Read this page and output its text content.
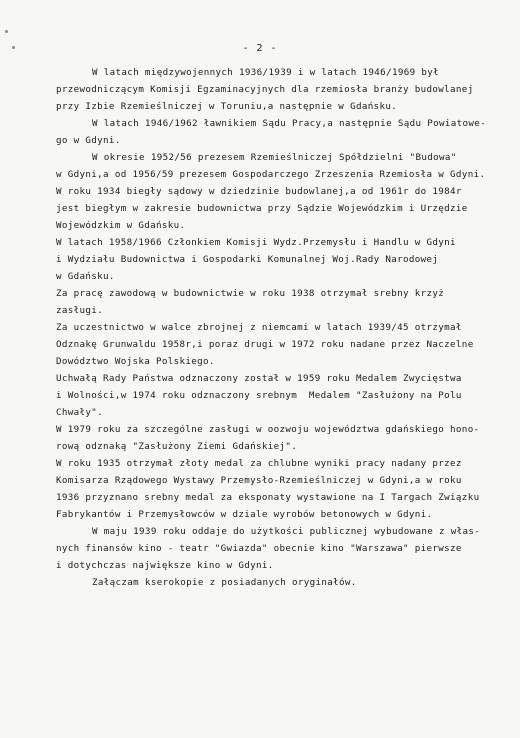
- 2 -
W latach międzywojennych 1936/1939 i w latach 1946/1969 był
przewodniczącym Komisji Egzaminacyjnych dla rzemiosła branży budowlanej
przy Izbie Rzemieślniczej w Toruniu,a następnie w Gdańsku.
W latach 1946/1962 ławnikiem Sądu Pracy,a następnie Sądu Powiatowe-
go w Gdyni.
W okresie 1952/56 prezesem Rzemieślniczej Spółdzielni "Budowa"
w Gdyni,a od 1956/59 prezesem Gospodarczego Zrzeszenia Rzemiosła w Gdyni.
W roku 1934 biegły sądowy w dziedzinie budowlanej,a od 1961r do 1984r
jest biegłym w zakresie budownictwa przy Sądzie Wojewódzkim i Urzędzie
Wojewódzkim w Gdańsku.
W latach 1958/1966 Członkiem Komisji Wydz.Przemysłu i Handlu w Gdyni
i Wydziału Budownictwa i Gospodarki Komunalnej Woj.Rady Narodowej
w Gdańsku.
Za pracę zawodową w budownictwie w roku 1938 otrzymał srebny krzyż
zasługi.
Za uczestnictwo w walce zbrojnej z niemcami w latach 1939/45 otrzymał
Odznakę Grunwaldu 1958r,i poraz drugi w 1972 roku nadane przez Naczelne
Dowództwo Wojska Polskiego.
Uchwałą Rady Państwa odznaczony został w 1959 roku Medalem Zwycięstwa
i Wolności,w 1974 roku odznaczony srebnym  Medalem "Zasłużony na Polu
Chwały".
W 1979 roku za szczególne zasługi w oozwoju województwa gdańskiego hono-
rową odznaką "Zasłużony Ziemi Gdańskiej".
W roku 1935 otrzymał złoty medal za chlubne wyniki pracy nadany przez
Komisarza Rządowego Wystawy Przemysło-Rzemieślniczej w Gdyni,a w roku
1936 przyznano srebny medal za eksponaty wystawione na I Targach Związku
Fabrykantów i Przemysłowców w dziale wyrobów betonowych w Gdyni.
W maju 1939 roku oddaje do użytkości publicznej wybudowane z włas-
nych finansów kino - teatr "Gwiazda" obecnie kino "Warszawa" pierwsze
i dotychczas największe kino w Gdyni.
Załączam kserokopie z posiadanych oryginałów.
